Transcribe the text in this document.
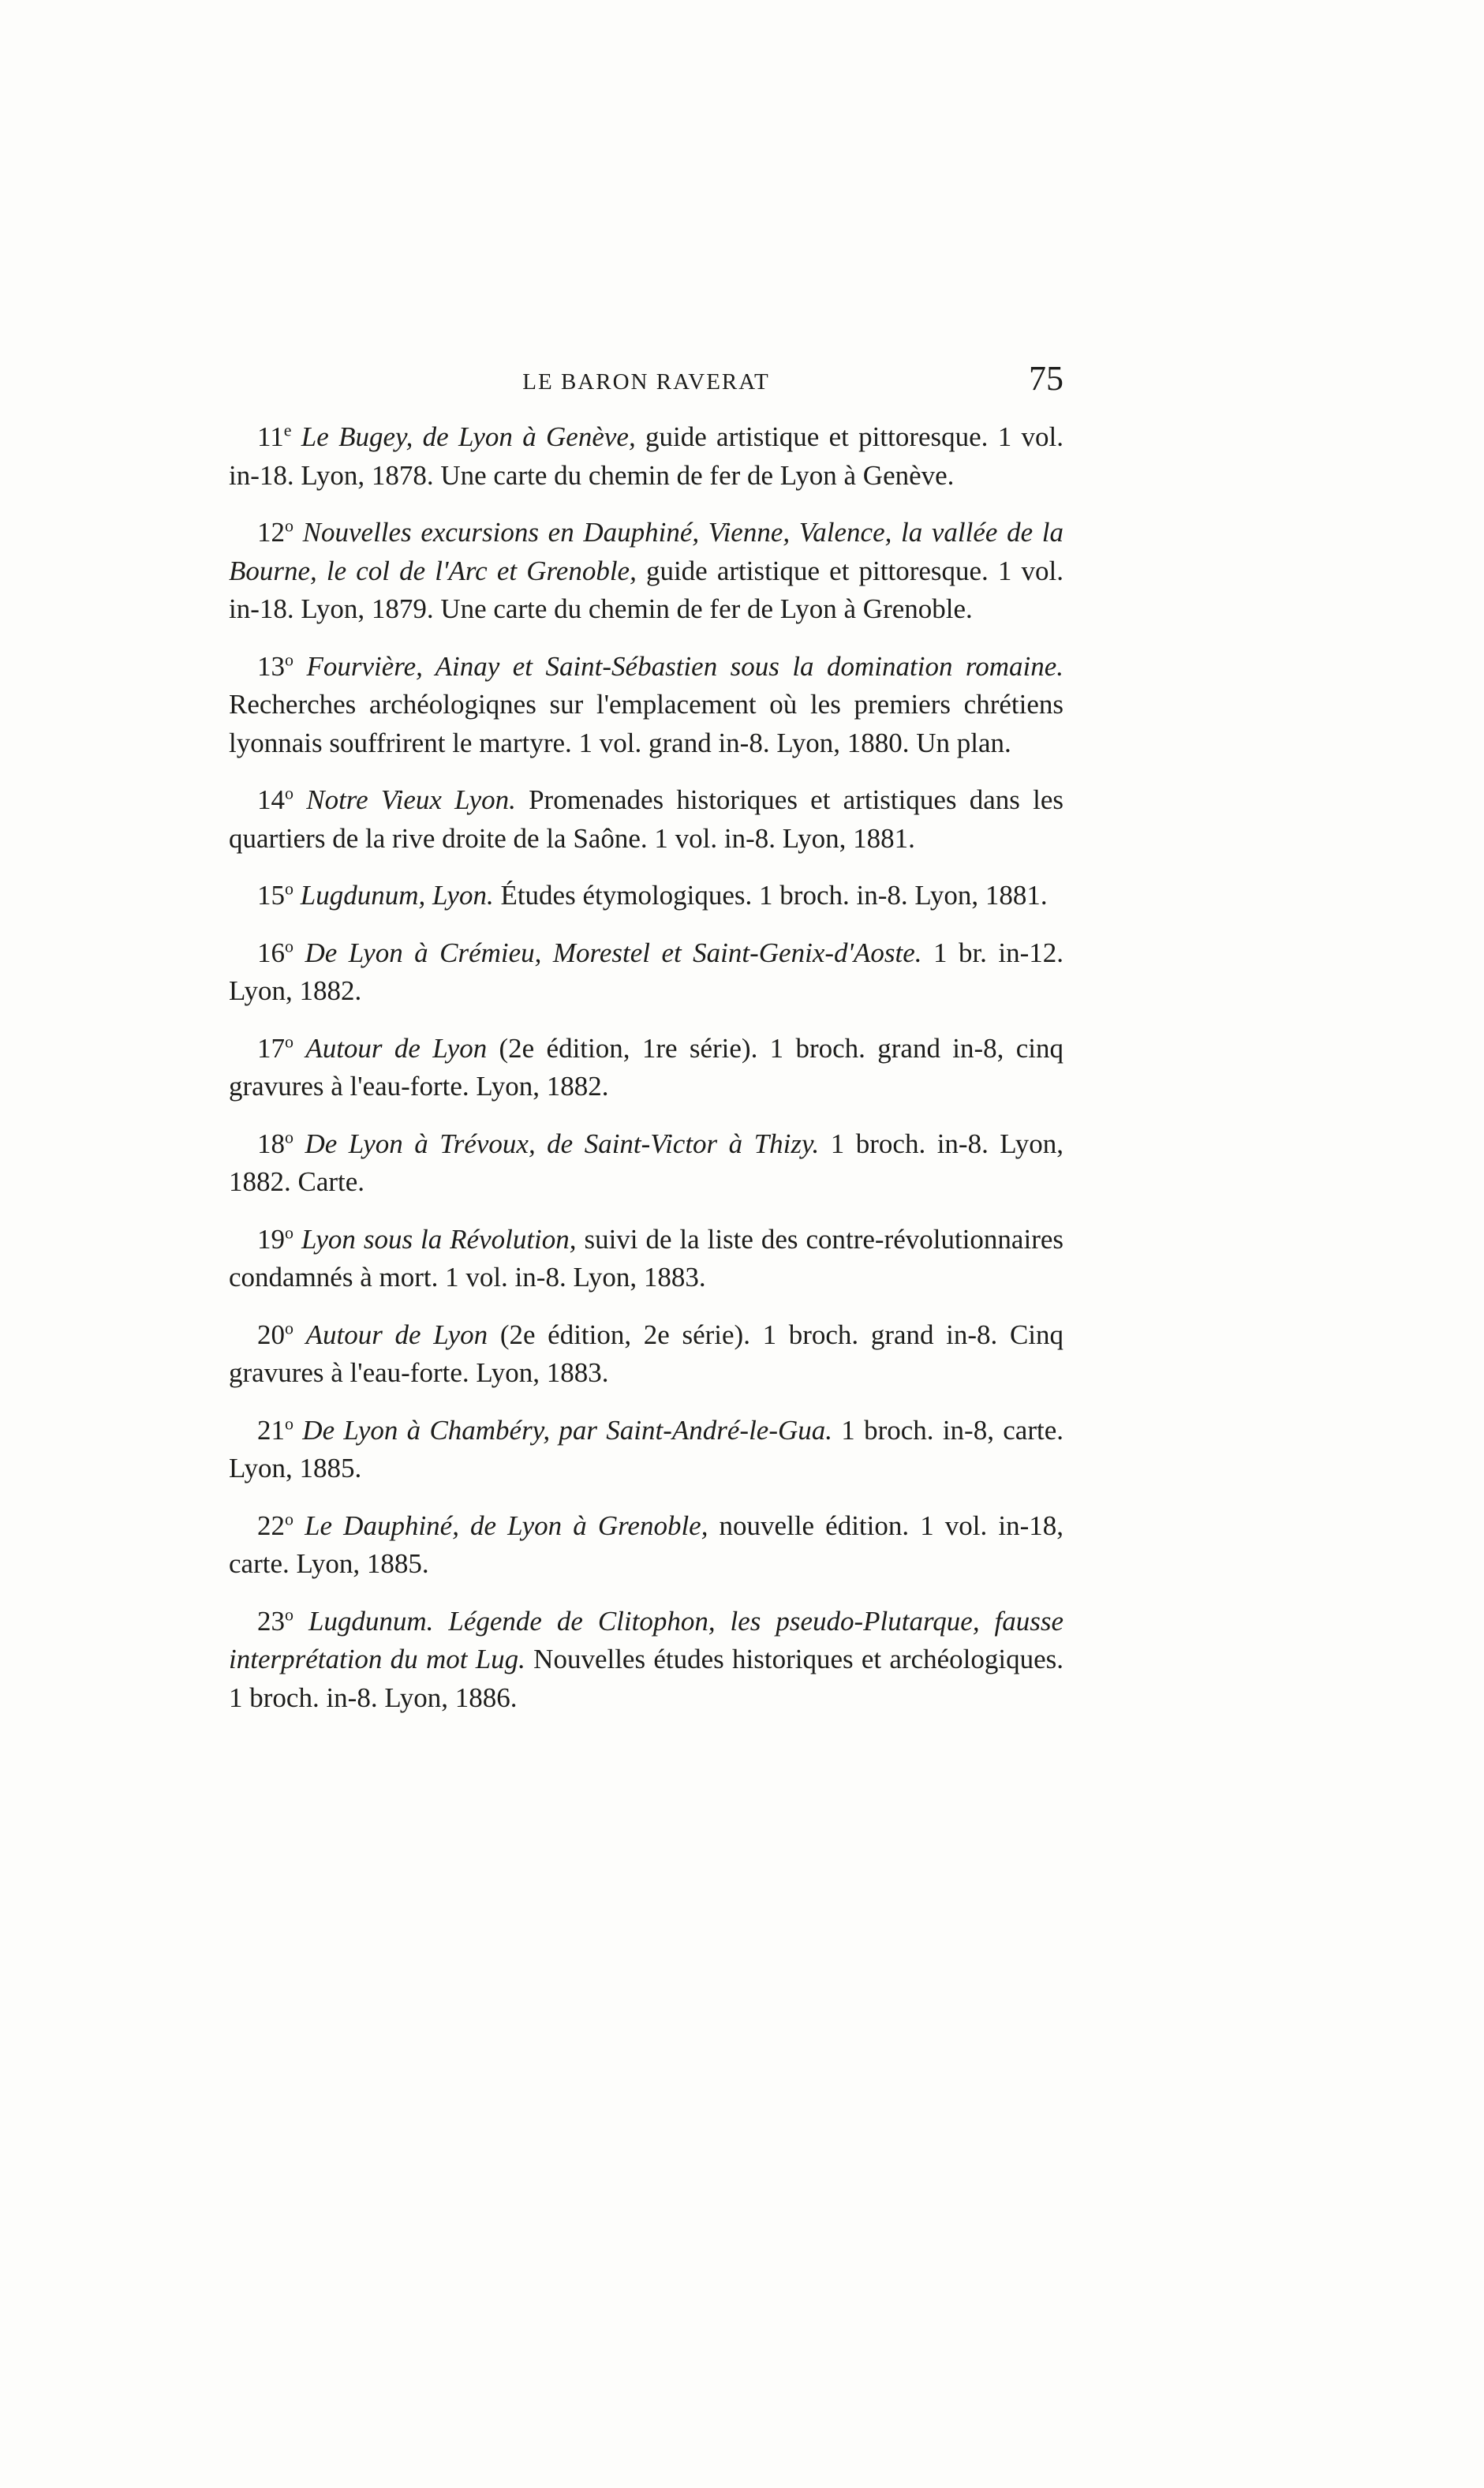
LE BARON RAVERAT	75

11e Le Bugey, de Lyon à Genève, guide artistique et pittoresque. 1 vol. in-18. Lyon, 1878. Une carte du chemin de fer de Lyon à Genève.

12$^o$ Nouvelles excursions en Dauphiné, Vienne, Valence, la vallée de la Bourne, le col de l'Arc et Grenoble, guide artistique et pittoresque. 1 vol. in-18. Lyon, 1879. Une carte du chemin de fer de Lyon à Grenoble.

13$^o$ Fourvière, Ainay et Saint-Sébastien sous la domination romaine. Recherches archéologiqnes sur l'emplacement où les premiers chrétiens lyonnais souffrirent le martyre. 1 vol. grand in-8. Lyon, 1880. Un plan.

14$^o$ Notre Vieux Lyon. Promenades historiques et artistiques dans les quartiers de la rive droite de la Saône. 1 vol. in-8. Lyon, 1881.

15$^o$ Lugdunum, Lyon. Études étymologiques. 1 broch. in-8. Lyon, 1881.

16$^o$ De Lyon à Crémieu, Morestel et Saint-Genix-d'Aoste. 1 br. in-12. Lyon, 1882.

17$^o$ Autour de Lyon (2e édition, 1re série). 1 broch. grand in-8, cinq gravures à l'eau-forte. Lyon, 1882.

18$^o$ De Lyon à Trévoux, de Saint-Victor à Thizy. 1 broch. in-8. Lyon, 1882. Carte.

19$^o$ Lyon sous la Révolution, suivi de la liste des contre-révolutionnaires condamnés à mort. 1 vol. in-8. Lyon, 1883.

20$^o$ Autour de Lyon (2e édition, 2e série). 1 broch. grand in-8. Cinq gravures à l'eau-forte. Lyon, 1883.

21$^o$ De Lyon à Chambéry, par Saint-André-le-Gua. 1 broch. in-8, carte. Lyon, 1885.

22$^o$ Le Dauphiné, de Lyon à Grenoble, nouvelle édition. 1 vol. in-18, carte. Lyon, 1885.

23$^o$ Lugdunum. Légende de Clitophon, les pseudo-Plutarque, fausse interprétation du mot Lug. Nouvelles études historiques et archéologiques. 1 broch. in-8. Lyon, 1886.
